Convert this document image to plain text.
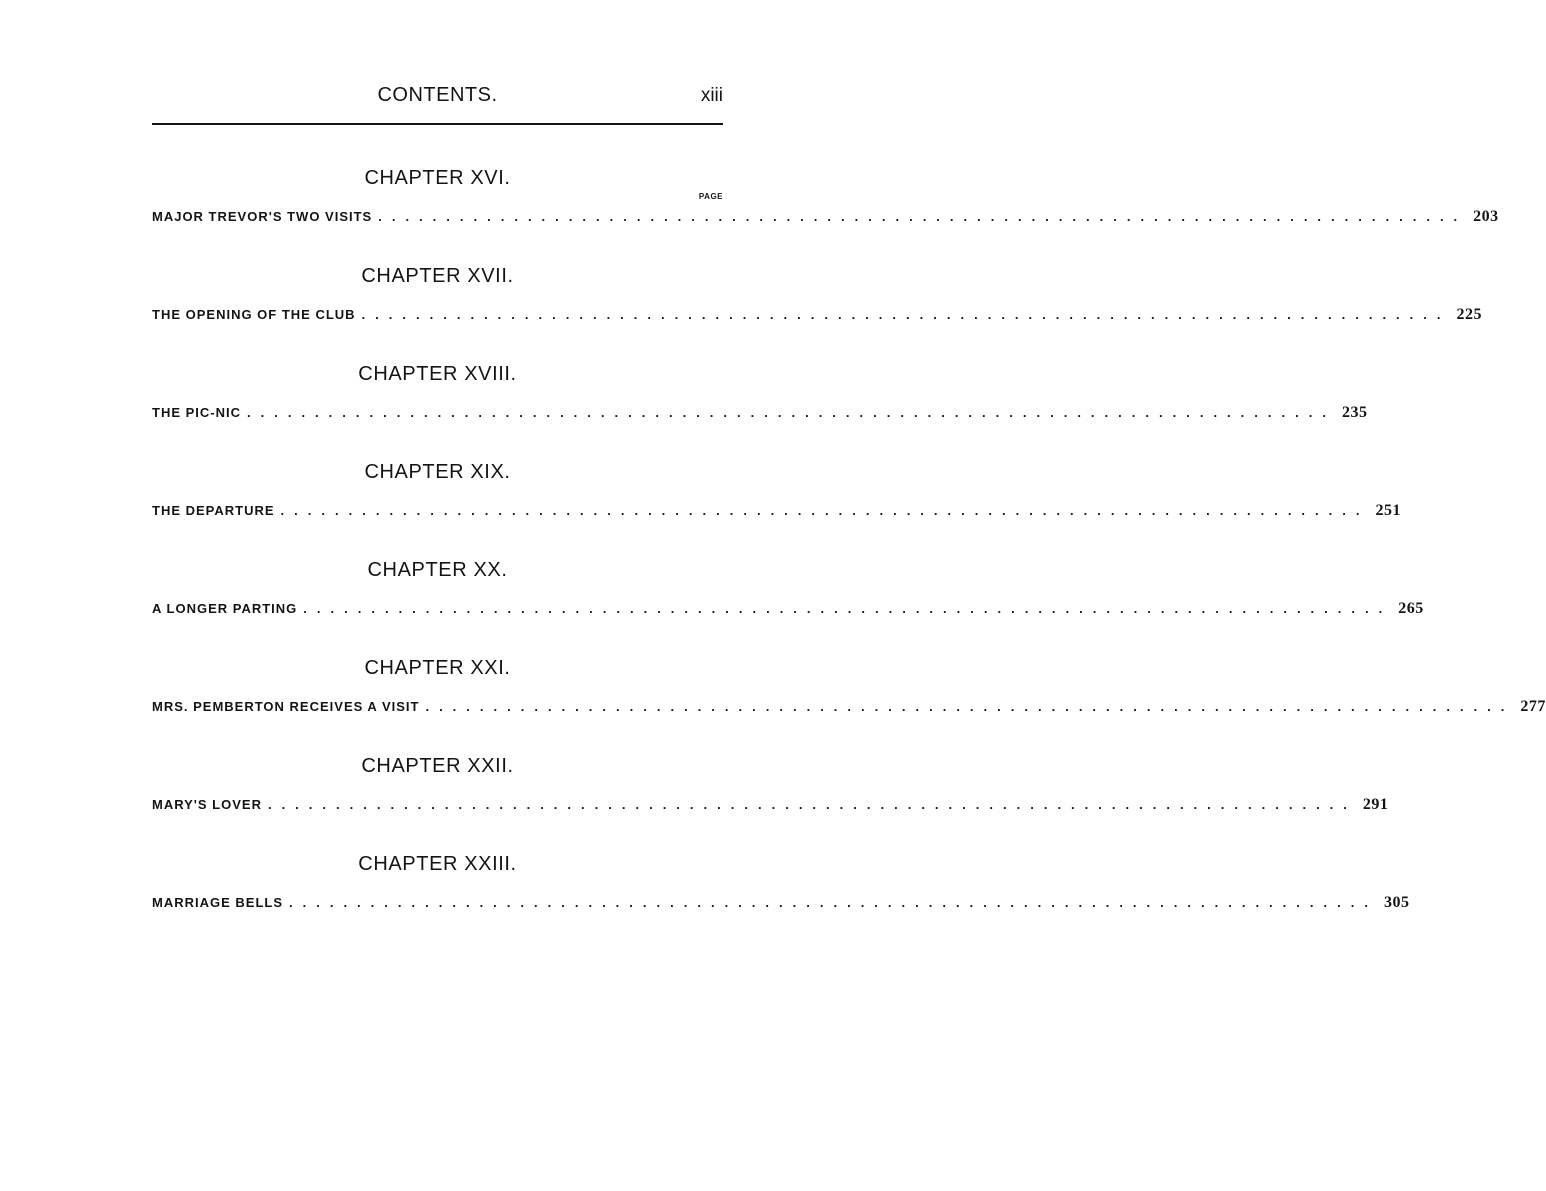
CONTENTS.	xiii
CHAPTER XVI.
PAGE
MAJOR TREVOR'S TWO VISITS ................................................................................ 203
CHAPTER XVII.
THE OPENING OF THE CLUB ................................................................................ 225
CHAPTER XVIII.
THE PIC-NIC ................................................................................ 235
CHAPTER XIX.
THE DEPARTURE ................................................................................ 251
CHAPTER XX.
A LONGER PARTING ................................................................................ 265
CHAPTER XXI.
MRS. PEMBERTON RECEIVES A VISIT ................................................................................ 277
CHAPTER XXII.
MARY'S LOVER ................................................................................ 291
CHAPTER XXIII.
MARRIAGE BELLS ................................................................................ 305
